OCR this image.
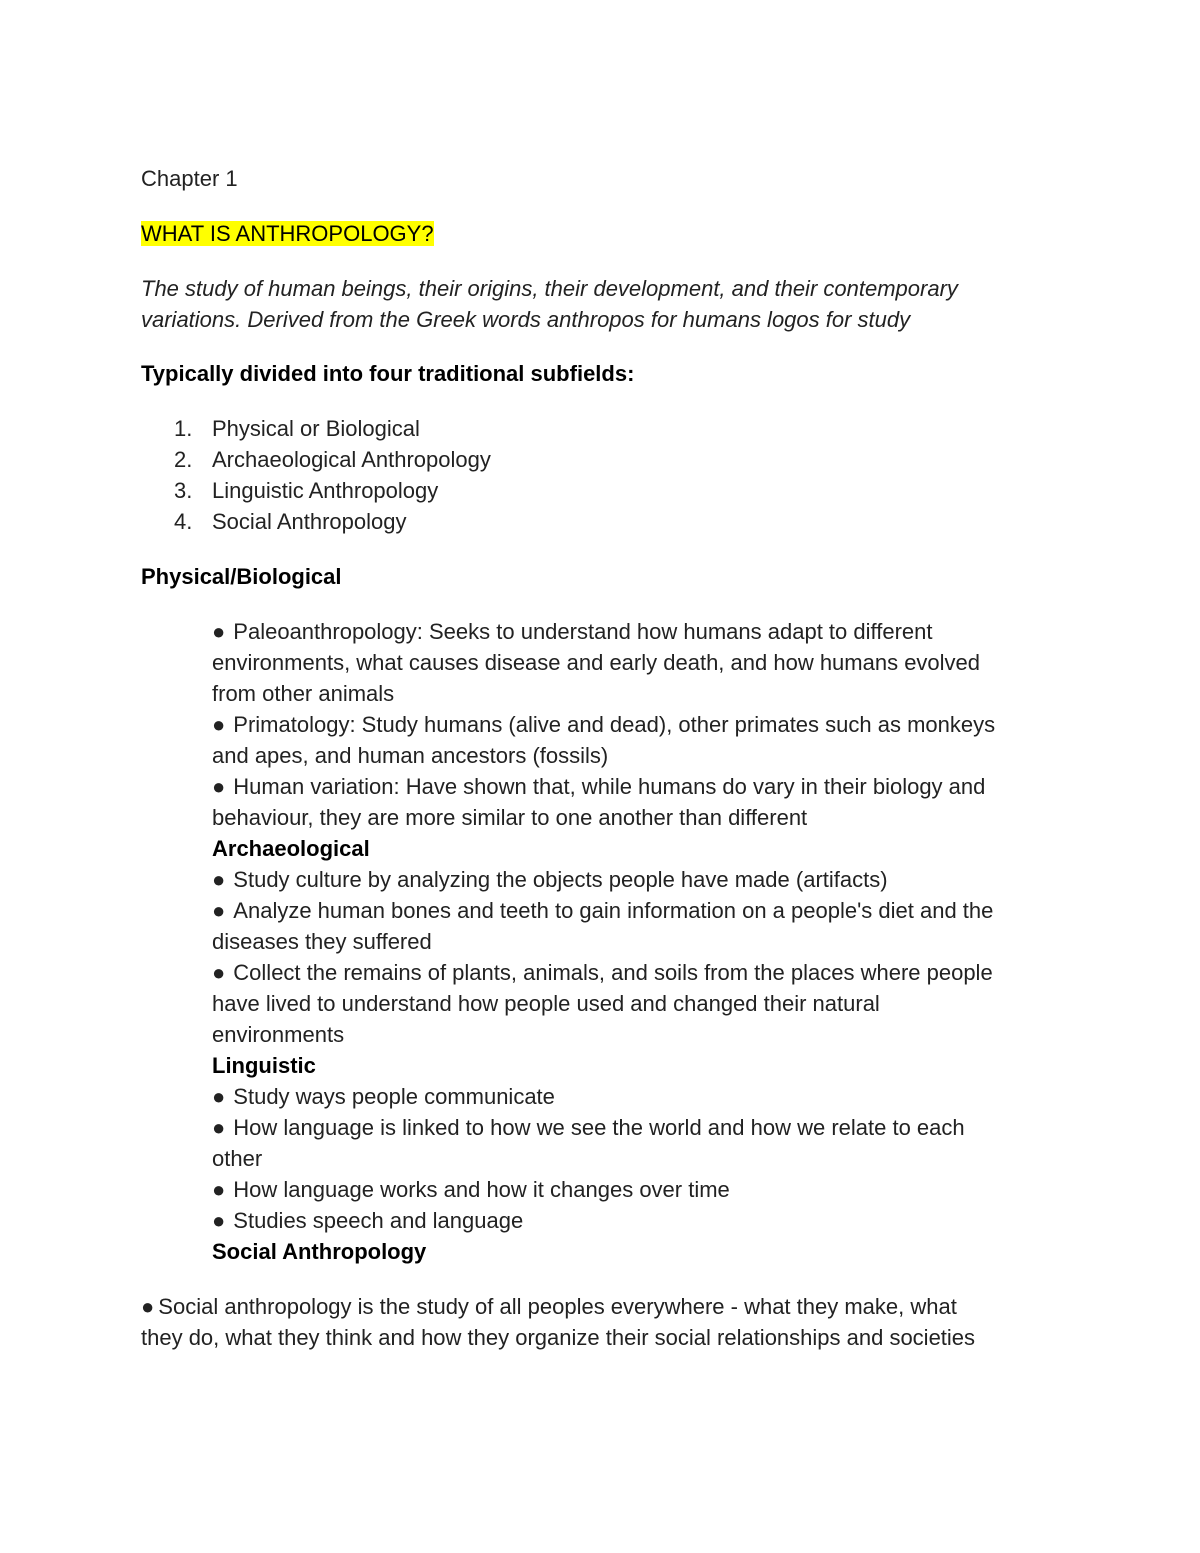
Chapter 1
WHAT IS ANTHROPOLOGY?
The study of human beings, their origins, their development, and their contemporary
variations. Derived from the Greek words anthropos for humans logos for study
Typically divided into four traditional subfields:
1. Physical or Biological
2. Archaeological Anthropology
3. Linguistic Anthropology
4. Social Anthropology
Physical/Biological
● Paleoanthropology: Seeks to understand how humans adapt to different
environments, what causes disease and early death, and how humans evolved
from other animals
● Primatology: Study humans (alive and dead), other primates such as monkeys
and apes, and human ancestors (fossils)
● Human variation: Have shown that, while humans do vary in their biology and
behaviour, they are more similar to one another than different
Archaeological
● Study culture by analyzing the objects people have made (artifacts)
● Analyze human bones and teeth to gain information on a people's diet and the
diseases they suffered
● Collect the remains of plants, animals, and soils from the places where people
have lived to understand how people used and changed their natural
environments
Linguistic
● Study ways people communicate
● How language is linked to how we see the world and how we relate to each
other
● How language works and how it changes over time
● Studies speech and language
Social Anthropology
● Social anthropology is the study of all peoples everywhere - what they make, what
they do, what they think and how they organize their social relationships and societies
